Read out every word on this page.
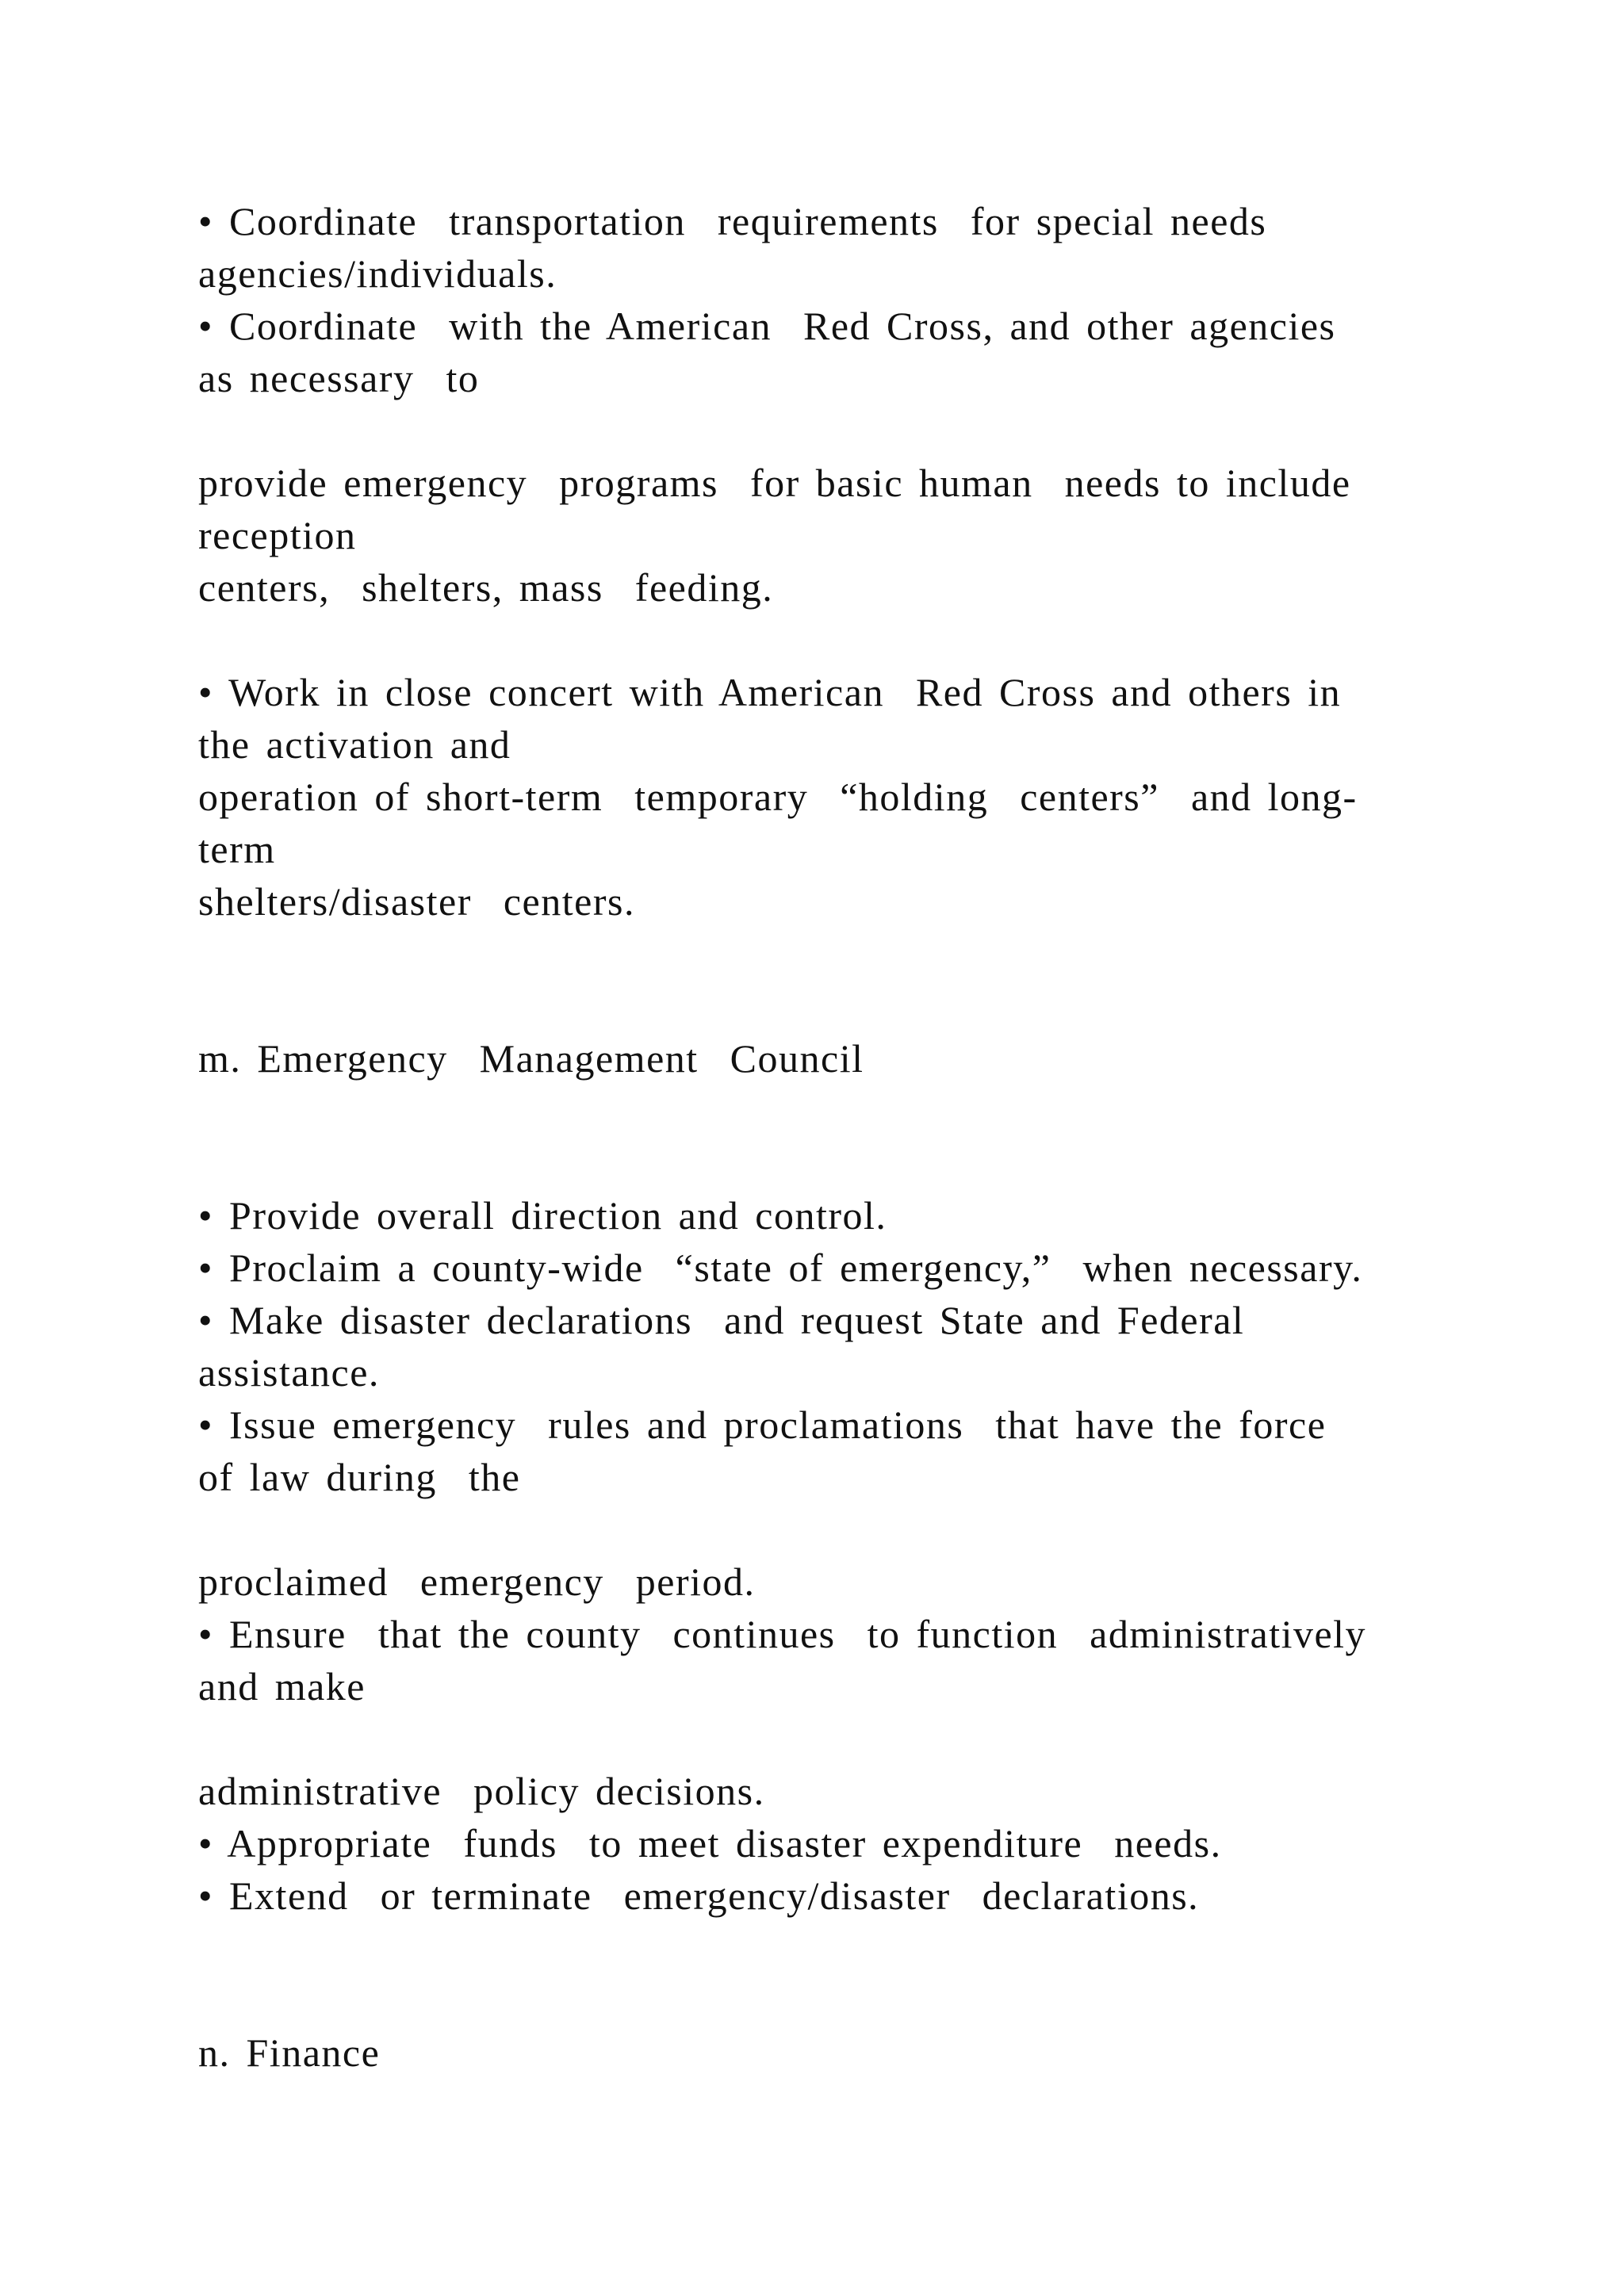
• Coordinate  transportation  requirements  for special needs

agencies/individuals.

• Coordinate  with the American  Red Cross, and other agencies

as necessary  to

provide emergency  programs  for basic human  needs to include

reception

centers,  shelters, mass  feeding.

• Work in close concert with American  Red Cross and others in

the activation and

operation of short-term  temporary  “holding  centers”  and long-

term

shelters/disaster  centers.

m. Emergency  Management  Council

• Provide overall direction and control.

• Proclaim a county-wide  “state of emergency,”  when necessary.

• Make disaster declarations  and request State and Federal

assistance.

• Issue emergency  rules and proclamations  that have the force

of law during  the

proclaimed  emergency  period.

• Ensure  that the county  continues  to function  administratively

and make

administrative  policy decisions.

• Appropriate  funds  to meet disaster expenditure  needs.

• Extend  or terminate  emergency/disaster  declarations.

n. Finance
